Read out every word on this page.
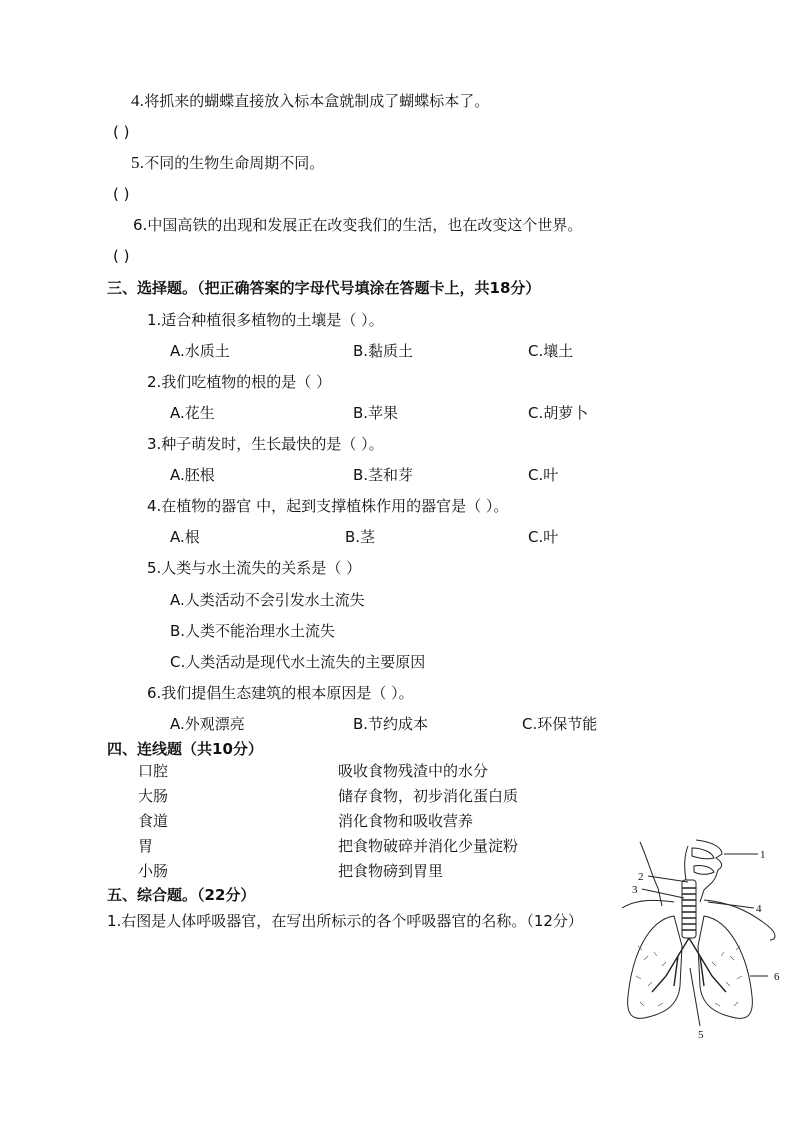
4.将抓来的蝴蝶直接放入标本盒就制成了蝴蝶标本了。
( )
5.不同的生物生命周期不同。
( )
6.中国高铁的出现和发展正在改变我们的生活，也在改变这个世界。
( )
三、选择题。（把正确答案的字母代号填涂在答题卡上，共18分）
1.适合种植很多植物的土壤是（ ）。
A.水质土	B.黏质土	C.壤土
2.我们吃植物的根的是（ ）
A.花生	B.苹果	C.胡萝卜
3.种子萌发时，生长最快的是（ ）。
A.胚根	B.茎和芽	C.叶
4.在植物的器官 中，起到支撑植株作用的器官是（ ）。
A.根	B.茎	C.叶
5.人类与水土流失的关系是（ ）
A.人类活动不会引发水土流失
B.人类不能治理水土流失
C.人类活动是现代水土流失的主要原因
6.我们提倡生态建筑的根本原因是（ ）。
A.外观漂亮	B.节约成本	C.环保节能
四、连线题（共10分）
口腔	吸收食物残渣中的水分
大肠	储存食物，初步消化蛋白质
食道	消化食物和吸收营养
胃	把食物破碎并消化少量淀粉
小肠	把食物磅到胃里
五、综合题。（22分）
1.右图是人体呼吸器官，在写出所标示的各个呼吸器官的名称。（12分）
1
2
3
4
5
6
